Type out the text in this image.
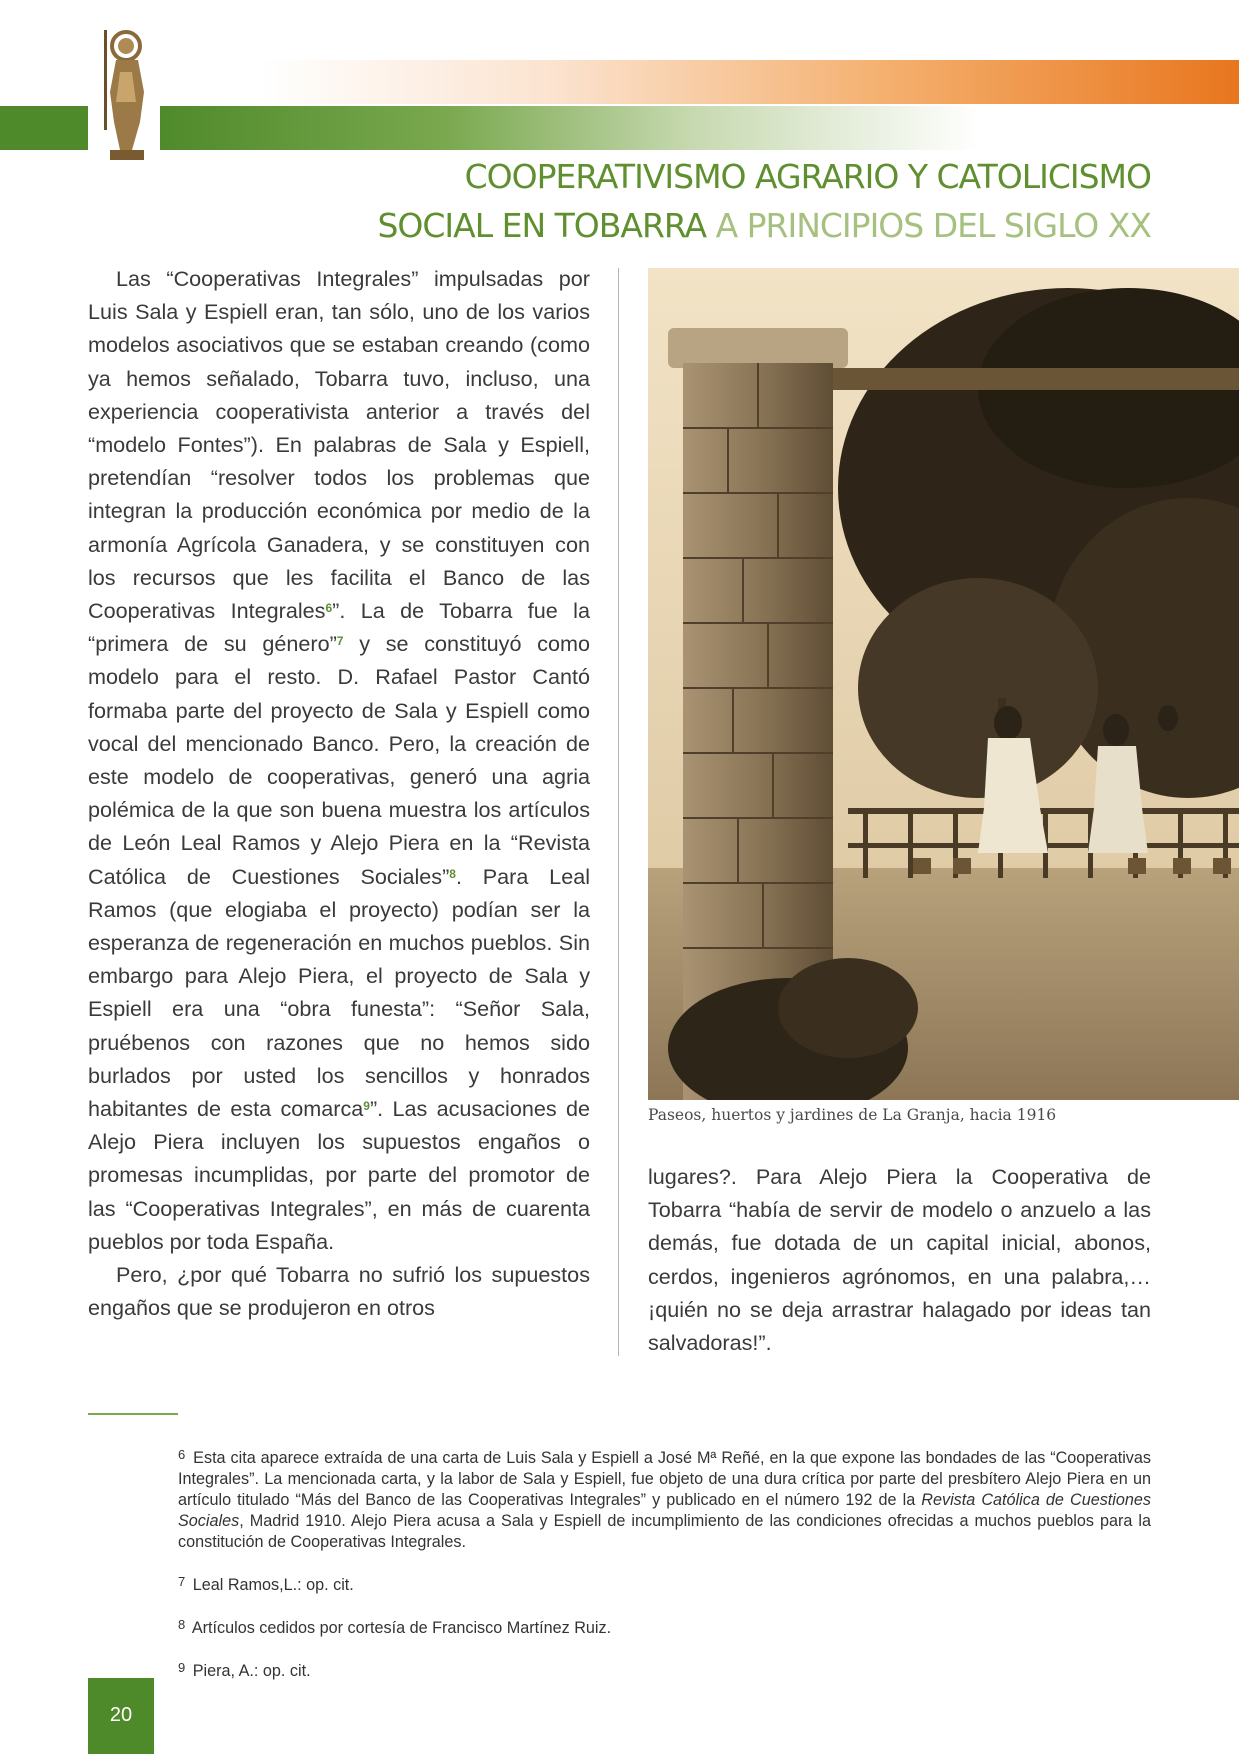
COOPERATIVISMO AGRARIO Y CATOLICISMO
SOCIAL EN TOBARRA A PRINCIPIOS DEL SIGLO XX

Las “Cooperativas Integrales” impulsadas por Luis Sala y Espiell eran, tan sólo, uno de los varios modelos asociativos que se estaban creando (como ya hemos señalado, Tobarra tuvo, incluso, una experiencia cooperativista anterior a través del “modelo Fontes”). En palabras de Sala y Espiell, pretendían “resolver todos los problemas que integran la producción económica por medio de la armonía Agrícola Ganadera, y se constituyen con los recursos que les facilita el Banco de las Cooperativas Integrales$^6$”. La de Tobarra fue la “primera de su género”$^7$ y se constituyó como modelo para el resto. D. Rafael Pastor Cantó formaba parte del proyecto de Sala y Espiell como vocal del mencionado Banco. Pero, la creación de este modelo de cooperativas, generó una agria polémica de la que son buena muestra los artículos de León Leal Ramos y Alejo Piera en la “Revista Católica de Cuestiones Sociales”$^8$. Para Leal Ramos (que elogiaba el proyecto) podían ser la esperanza de regeneración en muchos pueblos. Sin embargo para Alejo Piera, el proyecto de Sala y Espiell era una “obra funesta”: “Señor Sala, pruébenos con razones que no hemos sido burlados por usted los sencillos y honrados habitantes de esta comarca$^9$”. Las acusaciones de Alejo Piera incluyen los supuestos engaños o promesas incumplidas, por parte del promotor de las “Cooperativas Integrales”, en más de cuarenta pueblos por toda España.

Pero, ¿por qué Tobarra no sufrió los supuestos engaños que se produjeron en otros

Paseos, huertos y jardines de La Granja, hacia 1916

lugares?. Para Alejo Piera la Cooperativa de Tobarra “había de servir de modelo o anzuelo a las demás, fue dotada de un capital inicial, abonos, cerdos, ingenieros agrónomos, en una palabra,…¡quién no se deja arrastrar halagado por ideas tan salvadoras!”.

$^6$ Esta cita aparece extraída de una carta de Luis Sala y Espiell a José Mª Reñé, en la que expone las bondades de las “Cooperativas Integrales”. La mencionada carta, y la labor de Sala y Espiell, fue objeto de una dura crítica por parte del presbítero Alejo Piera en un artículo titulado “Más del Banco de las Cooperativas Integrales” y publicado en el número 192 de la Revista Católica de Cuestiones Sociales, Madrid 1910. Alejo Piera acusa a Sala y Espiell de incumplimiento de las condiciones ofrecidas a muchos pueblos para la constitución de Cooperativas Integrales.

$^7$ Leal Ramos,L.: op. cit.

$^8$ Artículos cedidos por cortesía de Francisco Martínez Ruiz.

$^9$ Piera, A.: op. cit.

20
